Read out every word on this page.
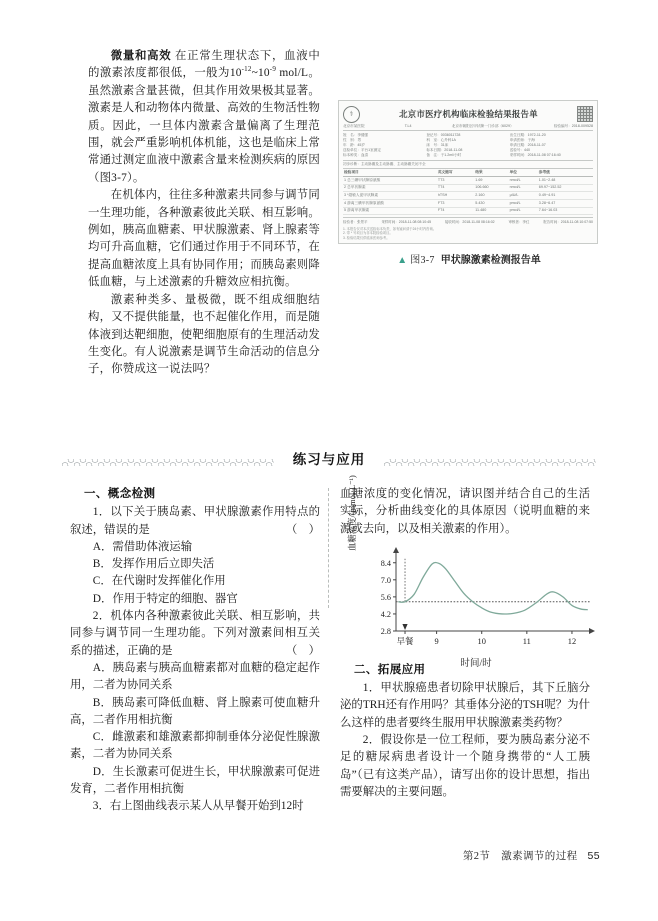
微量和高效 在正常生理状态下，血液中的激素浓度都很低，一般为$10^{-12}\sim 10^{-9}$ mol/L。虽然激素含量甚微，但其作用效果极其显著。激素是人和动物体内微量、高效的生物活性物质。因此，一旦体内激素含量偏离了生理范围，就会严重影响机体机能，这也是临床上常常通过测定血液中激素含量来检测疾病的原因（图3-7）。

在机体内，往往多种激素共同参与调节同一生理功能，各种激素彼此关联、相互影响。例如，胰高血糖素、甲状腺激素、肾上腺素等均可升高血糖，它们通过作用于不同环节，在提高血糖浓度上具有协同作用；而胰岛素则降低血糖，与上述激素的升糖效应相抗衡。

激素种类多、量极微，既不组成细胞结构，又不提供能量，也不起催化作用，而是随体液到达靶细胞，使靶细胞原有的生理活动发生变化。有人说激素是调节生命活动的信息分子，你赞成这一说法吗？

⚕	北京市医疗机构临床检验结果报告单
北京市某医院	T.L4	北京市朝阳区甲状腺一门诊部（6029）	检验编号：2018-009528
姓　名：李健强	登记号：0036011728	出生日期：1972-11-20
性　别：男	科　室：心外科1A	申请医师：于海
年　龄：45岁	床　号：31床	申请日期：2018-11-07
送检单位：平台1室测定	标本日期：2018-11-08	送检号：440
标本种类：血清	备　注：于1.2ml/小时	采样时间：2018-11-08 07:16:40
初步诊断：主动脉瓣及主动脉瓣、主动脉瓣关闭不全
检验项目	英文缩写	结果	单位	参考值
1 总三碘甲状腺原氨酸	TT3	1.69	nmol/L	1.01~2.48
2 总甲状腺素	TT4	106.660	nmol/L	69.97~152.52
3 *超敏人促甲状腺素	hTSH	2.160	μIU/L	0.49~4.91
4 游离三碘甲状腺原氨酸	FT3	5.430	pmol/L	3.28~6.47
5 游离甲状腺素	FT4	11.480	pmol/L	7.64~16.03
检验者：张景平	采样时间：2018-11-08 08:10:45	接收时间：2018-11-08 08:16:02	审核者：李红	报告时间：2018-11-08 10:07:50
1. 本报告仅对本次送检标本负责，如有疑问请于24小时内咨询。
2. 带 * 号项目为非本院检验项目。
3. 检验结果仅供临床医师参考。
▲ 图3-7 甲状腺激素检测报告单
练习与应用
一、概念检测

1．以下关于胰岛素、甲状腺激素作用特点的叙述，错误的是	（　）

A．需借助体液运输

B．发挥作用后立即失活

C．在代谢时发挥催化作用

D．作用于特定的细胞、器官

2．机体内各种激素彼此关联、相互影响，共同参与调节同一生理功能。下列对激素间相互关系的描述，正确的是	（　）

A．胰岛素与胰高血糖素都对血糖的稳定起作用，二者为协同关系

B．胰岛素可降低血糖、肾上腺素可使血糖升高，二者作用相抗衡

C．雌激素和雄激素都抑制垂体分泌促性腺激素，二者为协同关系

D．生长激素可促进生长，甲状腺激素可促进发育，二者作用相抗衡

3．右上图曲线表示某人从早餐开始到12时

血糖浓度的变化情况，请识图并结合自己的生活实际，分析曲线变化的具体原因（说明血糖的来源或去向，以及相关激素的作用）。

二、拓展应用

1．甲状腺癌患者切除甲状腺后，其下丘脑分泌的TRH还有作用吗？其垂体分泌的TSH呢？为什么这样的患者要终生服用甲状腺激素类药物？

2．假设你是一位工程师，要为胰岛素分泌不足的糖尿病患者设计一个随身携带的“人工胰岛”（已有这类产品），请写出你的设计思想，指出需要解决的主要问题。

血糖浓度/(mmol·L⁻¹)
2.8
4.2
5.6
7.0
8.4
早餐	9	10	11	12
时间/时
第2节　激素调节的过程 55
